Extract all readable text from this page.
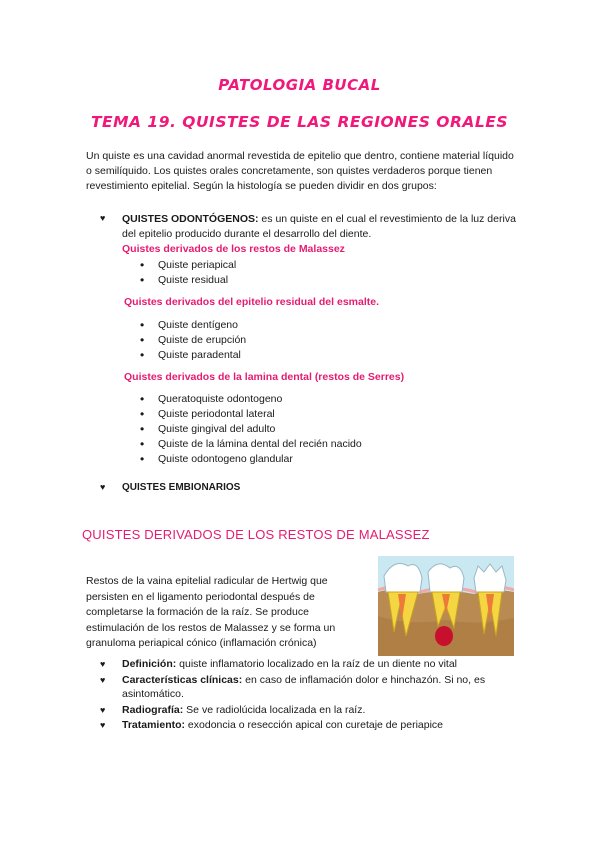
PATOLOGIA BUCAL
TEMA 19. QUISTES DE LAS REGIONES ORALES
Un quiste es una cavidad anormal revestida de epitelio que dentro, contiene material líquido o semilíquido. Los quistes orales concretamente, son quistes verdaderos porque tienen revestimiento epitelial. Según la histología se pueden dividir en dos grupos:
♥ QUISTES ODONTÓGENOS: es un quiste en el cual el revestimiento de la luz deriva del epitelio producido durante el desarrollo del diente.
Quistes derivados de los restos de Malassez
• Quiste periapical
• Quiste residual
Quistes derivados del epitelio residual del esmalte.
• Quiste dentígeno
• Quiste de erupción
• Quiste paradental
Quistes derivados de la lamina dental (restos de Serres)
• Queratoquiste odontogeno
• Quiste periodontal lateral
• Quiste gingival del adulto
• Quiste de la lámina dental del recién nacido
• Quiste odontogeno glandular
♥ QUISTES EMBIONARIOS
QUISTES DERIVADOS DE LOS RESTOS DE MALASSEZ
Restos de la vaina epitelial radicular de Hertwig que persisten en el ligamento periodontal después de completarse la formación de la raíz. Se produce estimulación de los restos de Malassez y se forma un granuloma periapical cónico (inflamación crónica)
♥ Definición: quiste inflamatorio localizado en la raíz de un diente no vital
♥ Características clínicas: en caso de inflamación dolor e hinchazón. Si no, es asintomático.
♥ Radiografía: Se ve radiolúcida localizada en la raíz.
♥ Tratamiento: exodoncia o resección apical con curetaje de periapice
